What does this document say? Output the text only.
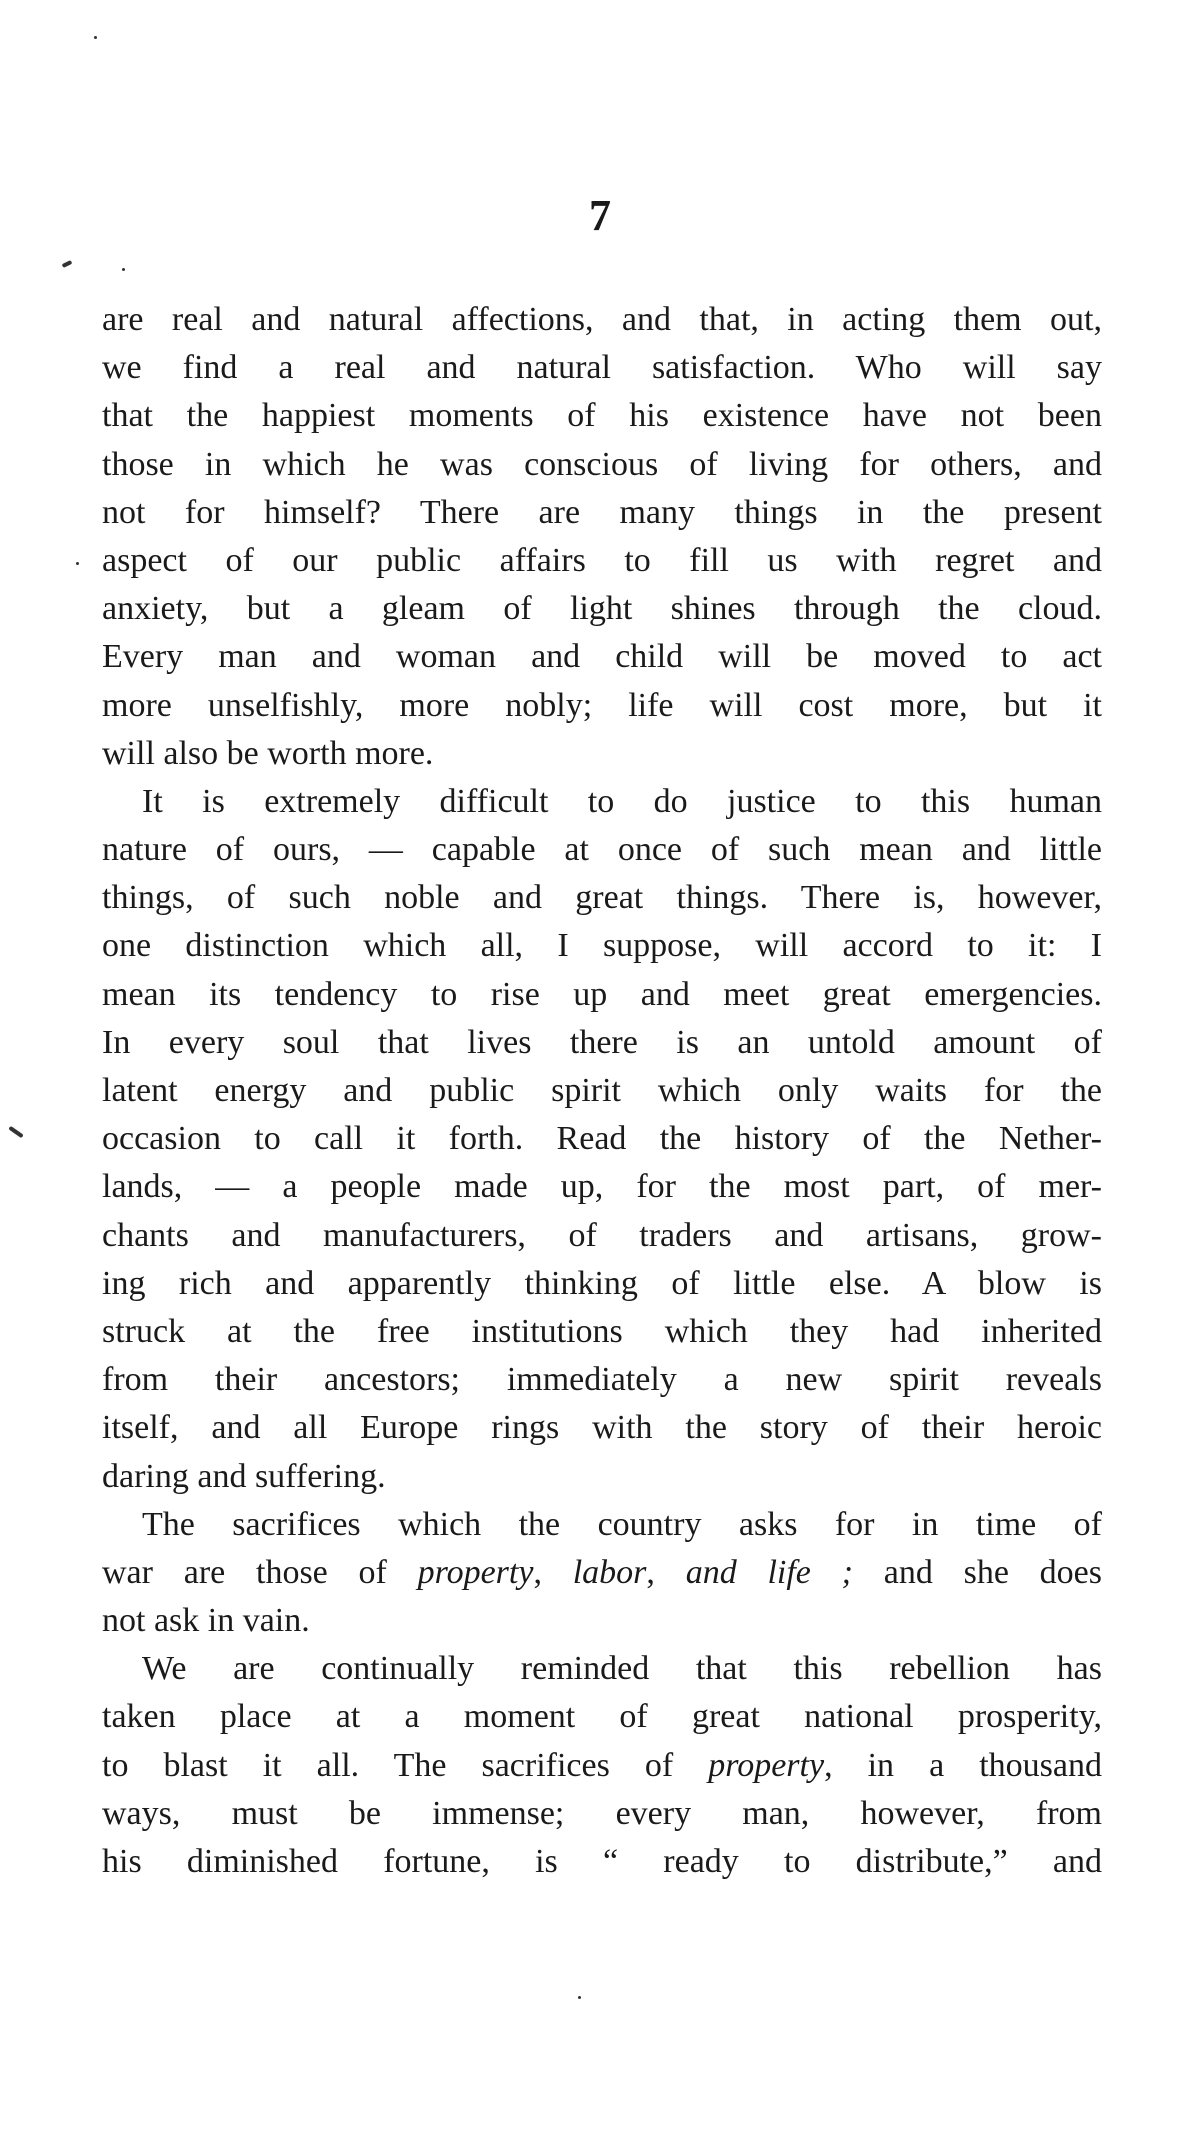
7
are real and natural affections, and that, in acting them out,
we find a real and natural satisfaction. Who will say
that the happiest moments of his existence have not been
those in which he was conscious of living for others, and
not for himself? There are many things in the present
aspect of our public affairs to fill us with regret and
anxiety, but a gleam of light shines through the cloud.
Every man and woman and child will be moved to act
more unselfishly, more nobly; life will cost more, but it
will also be worth more.
It is extremely difficult to do justice to this human
nature of ours, — capable at once of such mean and little
things, of such noble and great things. There is, however,
one distinction which all, I suppose, will accord to it: I
mean its tendency to rise up and meet great emergencies.
In every soul that lives there is an untold amount of
latent energy and public spirit which only waits for the
occasion to call it forth. Read the history of the Nether-
lands, — a people made up, for the most part, of mer-
chants and manufacturers, of traders and artisans, grow-
ing rich and apparently thinking of little else. A blow is
struck at the free institutions which they had inherited
from their ancestors; immediately a new spirit reveals
itself, and all Europe rings with the story of their heroic
daring and suffering.
The sacrifices which the country asks for in time of
war are those of property, labor, and life ; and she does
not ask in vain.
We are continually reminded that this rebellion has
taken place at a moment of great national prosperity,
to blast it all. The sacrifices of property, in a thousand
ways, must be immense; every man, however, from
his diminished fortune, is “ ready to distribute,” and
